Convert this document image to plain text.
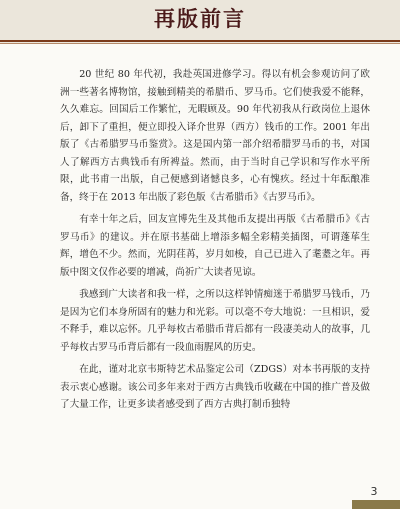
再版前言

20 世纪 80 年代初，我赴英国进修学习。得以有机会参观访问了欧洲一些著名博物馆，接触到精美的希腊币、罗马币。它们使我爱不能释，久久难忘。回国后工作繁忙，无暇顾及。90 年代初我从行政岗位上退休后，卸下了重担，便立即投入译介世界（西方）钱币的工作。2001 年出版了《古希腊罗马币鉴赏》。这是国内第一部介绍希腊罗马币的书，对国人了解西方古典钱币有所裨益。然而，由于当时自己学识和写作水平所限，此书甫一出版，自己便感到诸憾良多，心有愧疚。经过十年酝酿准备，终于在 2013 年出版了彩色版《古希腊币》《古罗马币》。

有幸十年之后，回友宣博先生及其他币友提出再版《古希腊币》《古罗马币》的建议。并在原书基础上增添多幅全彩精美插图，可谓蓬荜生辉，增色不少。然而，光阴荏苒，岁月如梭，自己已进入了耄耋之年。再版中图文仅作必要的增减，尚祈广大读者见谅。

我感到广大读者和我一样，之所以这样钟情痴迷于希腊罗马钱币，乃是因为它们本身所固有的魅力和光彩。可以毫不夸大地说：一旦相识，爱不释手，难以忘怀。几乎每枚古希腊币背后都有一段凄美动人的故事，几乎每枚古罗马币背后都有一段血雨腥风的历史。

在此，谨对北京韦斯特艺术品鉴定公司（ZDGS）对本书再版的支持表示衷心感谢。该公司多年来对于西方古典钱币收藏在中国的推广普及做了大量工作，让更多读者感受到了西方古典打制币独特

3
